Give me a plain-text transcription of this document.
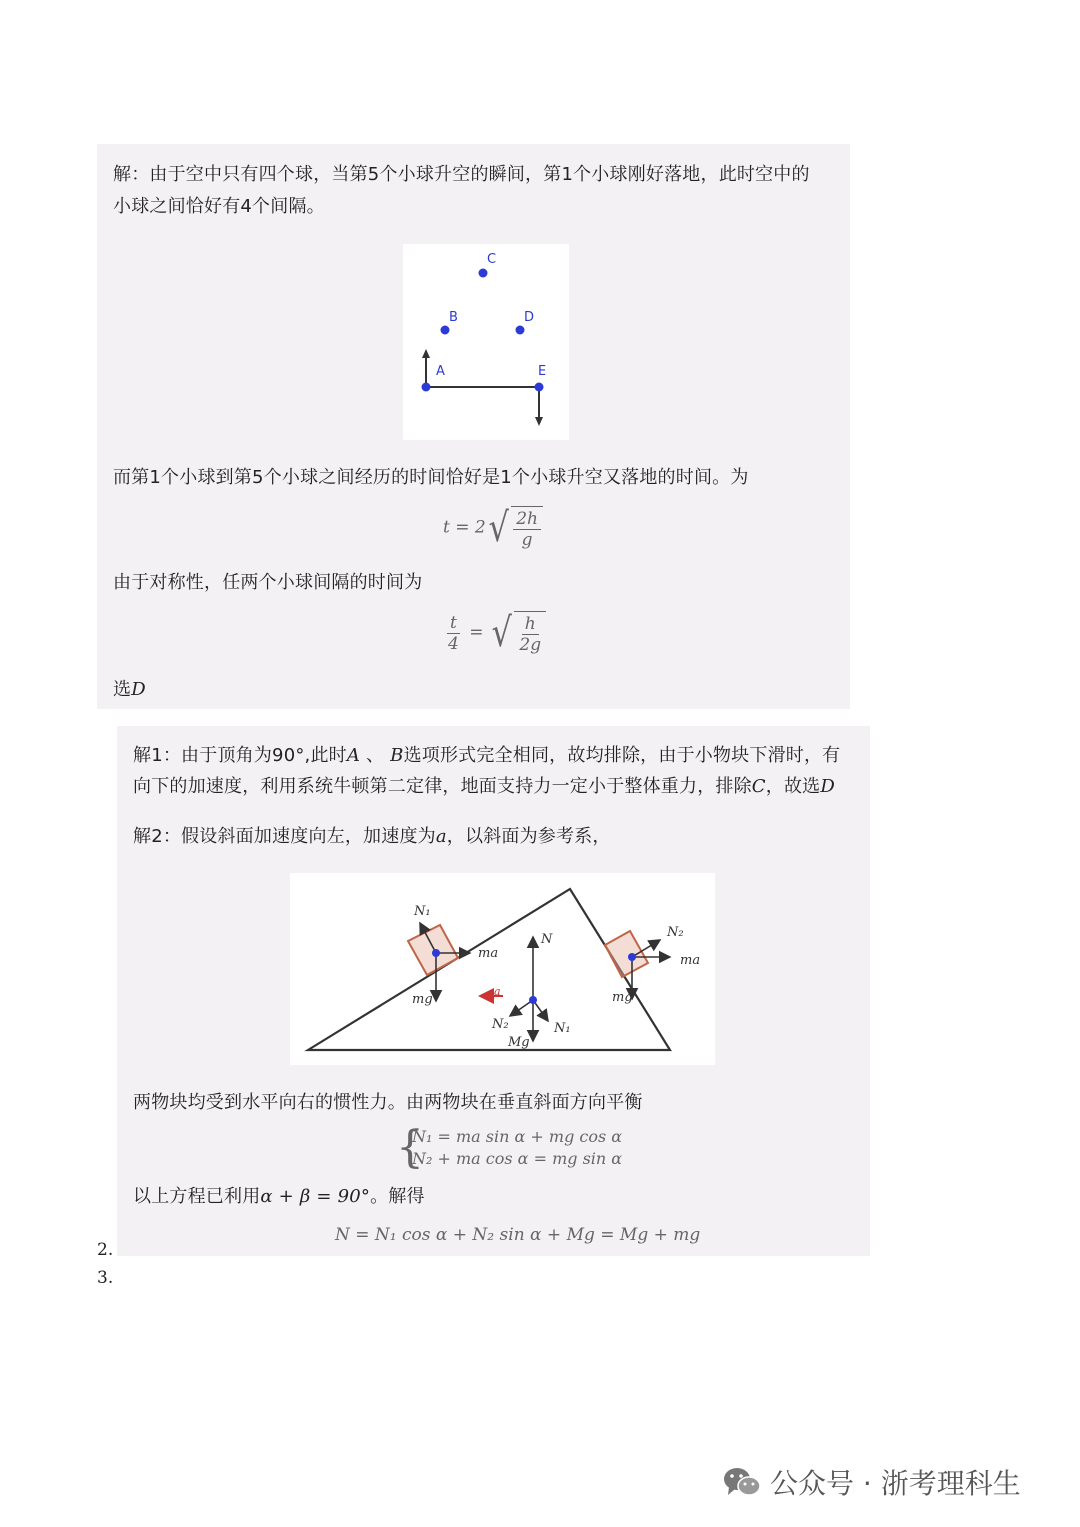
解：由于空中只有四个球，当第5个小球升空的瞬间，第1个小球刚好落地，此时空中的
小球之间恰好有4个间隔。
C
B	D
A	E
而第1个小球到第5个小球之间经历的时间恰好是1个小球升空又落地的时间。为
t = 2 √ $\frac{2h}{g}$
由于对称性，任两个小球间隔的时间为
$\frac{t}{4}$ = √ $\frac{h}{2g}$
选D
解1：由于顶角为90°,此时A 、 B选项形式完全相同，故均排除，由于小物块下滑时，有
向下的加速度，利用系统牛顿第二定律，地面支持力一定小于整体重力，排除C，故选D
解2：假设斜面加速度向左，加速度为a，以斜面为参考系，
N₁
ma
mg
N
a
N₂
Mg
N₁
N₂
ma
mg
两物块均受到水平向右的惯性力。由两物块在垂直斜面方向平衡
{
N₁ = ma sin α + mg cos α
N₂ + ma cos α = mg sin α
以上方程已利用α + β = 90°。解得
N = N₁ cos α + N₂ sin α + Mg = Mg + mg
2.
3.
公众号 · 浙考理科生
